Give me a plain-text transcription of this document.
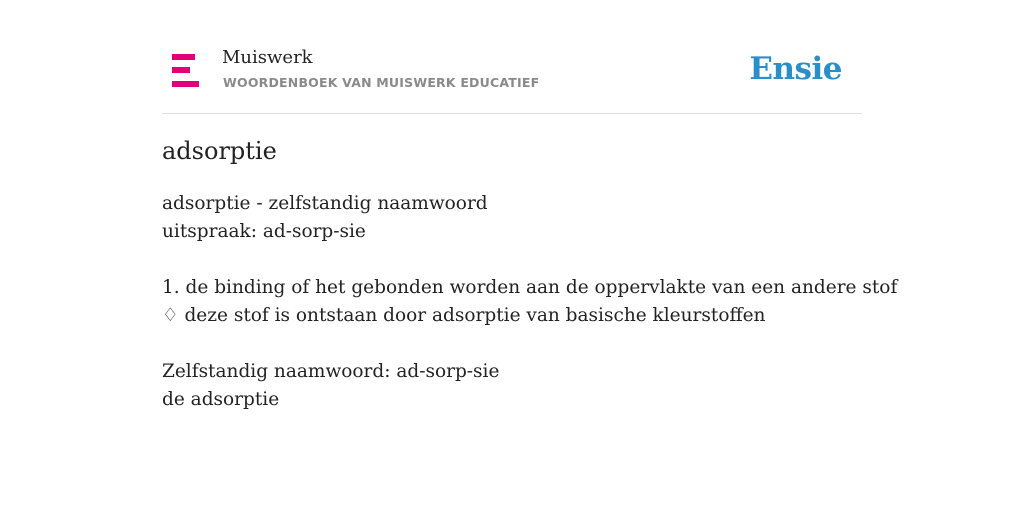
Muiswerk
WOORDENBOEK VAN MUISWERK EDUCATIEF	Ensie
adsorptie
adsorptie - zelfstandig naamwoord
uitspraak: ad-sorp-sie
1. de binding of het gebonden worden aan de oppervlakte van een andere stof
♢ deze stof is ontstaan door adsorptie van basische kleurstoffen
Zelfstandig naamwoord: ad-sorp-sie
de adsorptie
